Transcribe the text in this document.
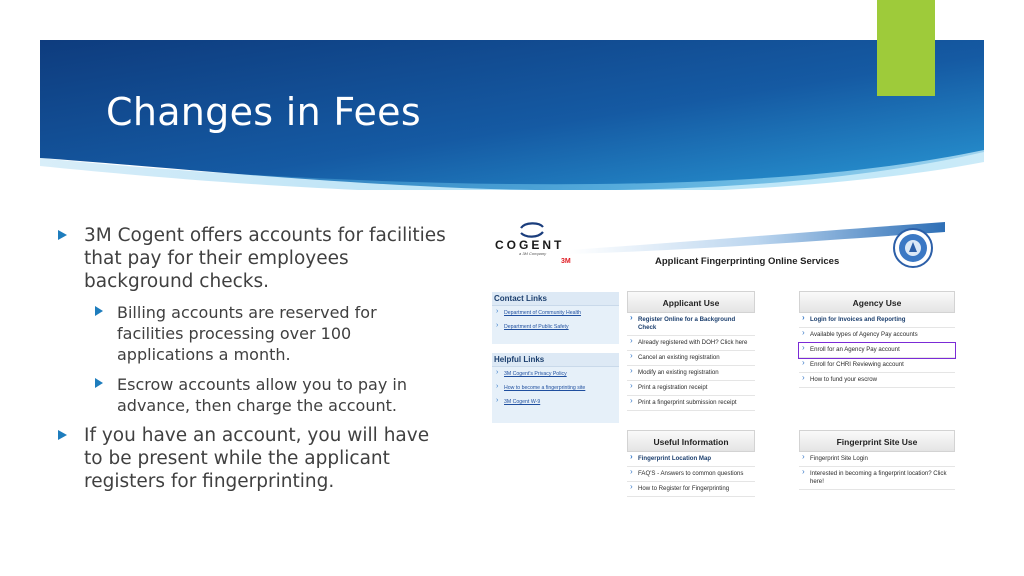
Changes in Fees
3M Cogent offers accounts for facilities that pay for their employees background checks.
Billing accounts are reserved for facilities processing over 100 applications a month.
Escrow accounts allow you to pay in advance, then charge the account.
If you have an account, you will have to be present while the applicant registers for fingerprinting.
COGENT
a 3M Company
3M	Applicant Fingerprinting Online Services
Contact Links
› Department of Community Health
› Department of Public Safety
Helpful Links
› 3M Cogent's Privacy Policy
› How to become a fingerprinting site
› 3M Cogent W-9
Applicant Use
› Register Online for a Background Check
› Already registered with DOH? Click here
› Cancel an existing registration
› Modify an existing registration
› Print a registration receipt
› Print a fingerprint submission receipt
Agency Use
› Login for Invoices and Reporting
› Available types of Agency Pay accounts
› Enroll for an Agency Pay account
› Enroll for CHRI Reviewing account
› How to fund your escrow
Useful Information
› Fingerprint Location Map
› FAQ'S - Answers to common questions
› How to Register for Fingerprinting
Fingerprint Site Use
› Fingerprint Site Login
› Interested in becoming a fingerprint location? Click here!
